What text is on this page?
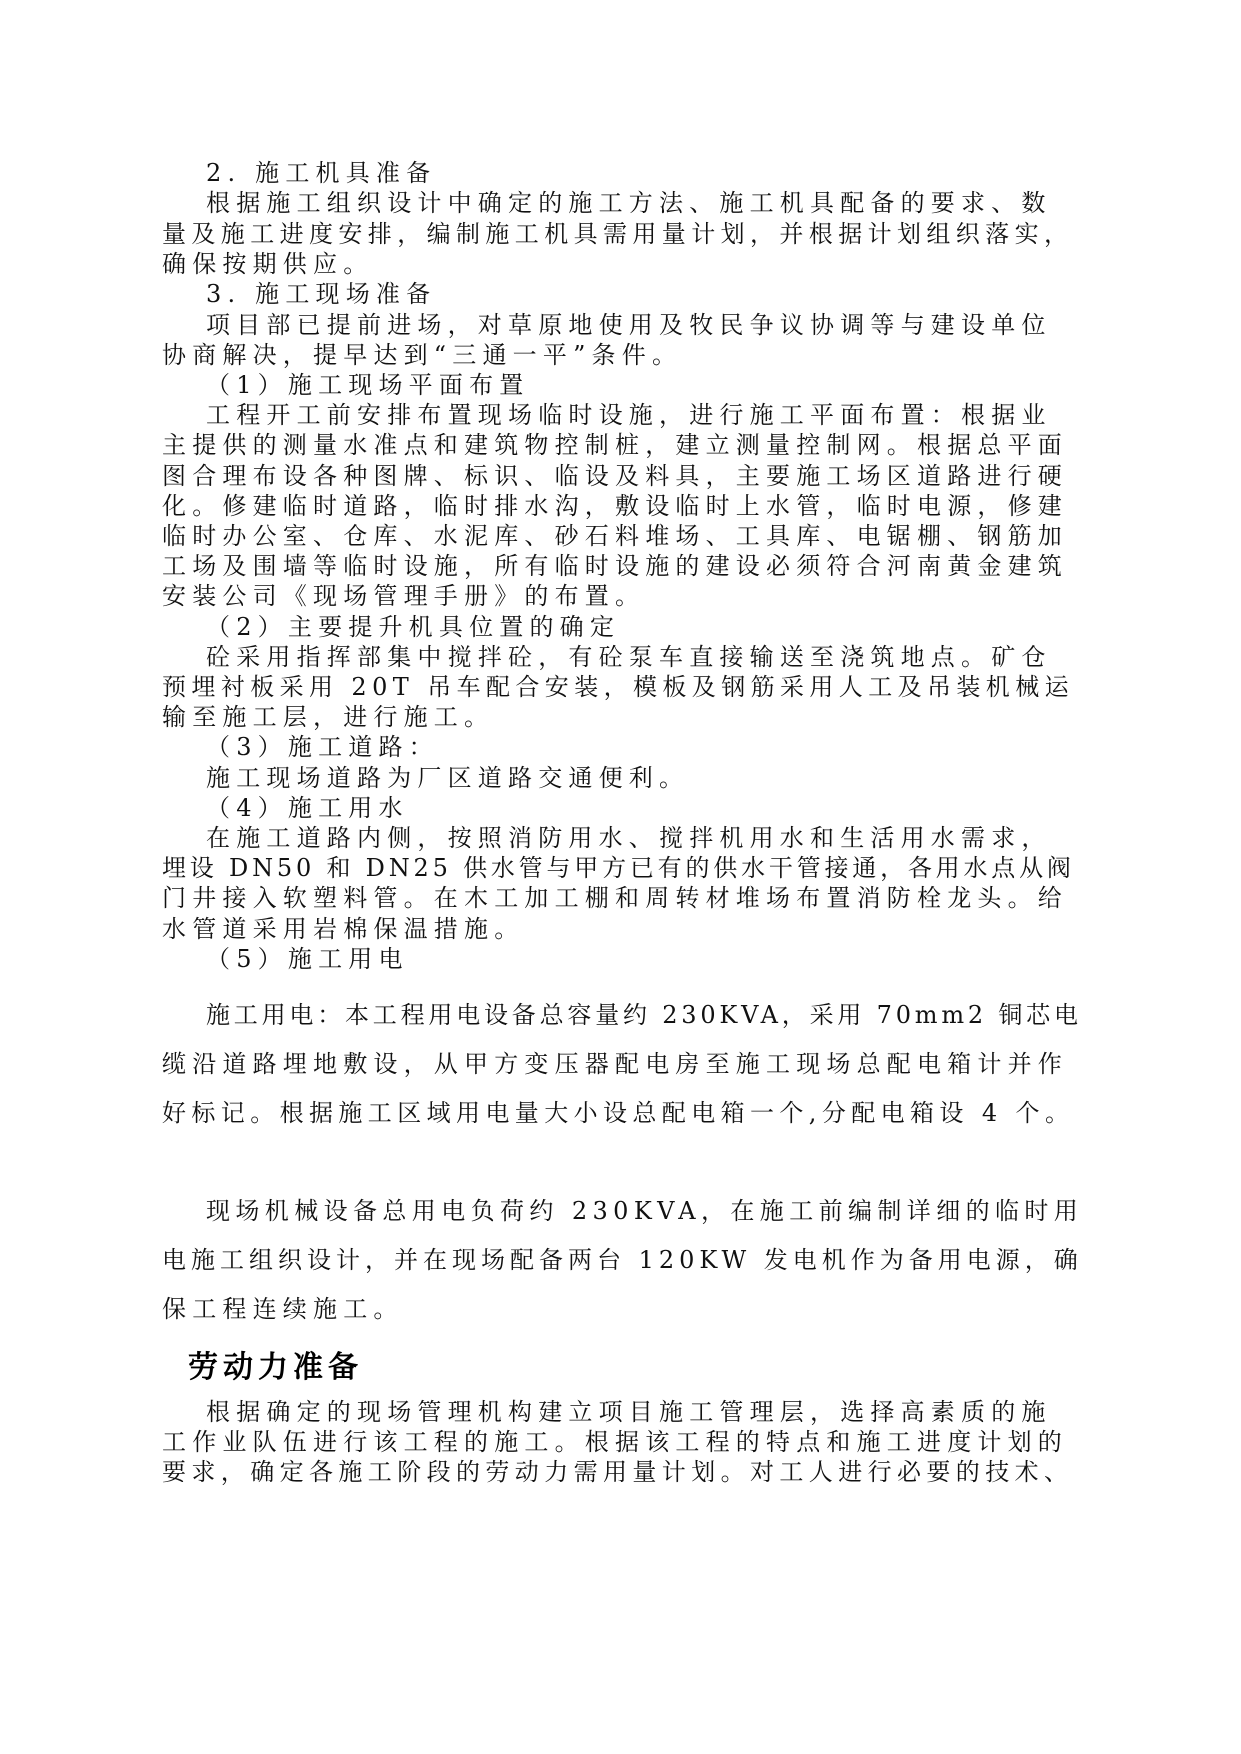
2. 施工机具准备
根据施工组织设计中确定的施工方法、施工机具配备的要求、数
量及施工进度安排，编制施工机具需用量计划，并根据计划组织落实，
确保按期供应。
3. 施工现场准备
项目部已提前进场，对草原地使用及牧民争议协调等与建设单位
协商解决，提早达到“三通一平”条件。
（1）施工现场平面布置
工程开工前安排布置现场临时设施，进行施工平面布置：根据业
主提供的测量水准点和建筑物控制桩，建立测量控制网。根据总平面
图合理布设各种图牌、标识、临设及料具，主要施工场区道路进行硬
化。修建临时道路，临时排水沟，敷设临时上水管，临时电源，修建
临时办公室、仓库、水泥库、砂石料堆场、工具库、电锯棚、钢筋加
工场及围墙等临时设施，所有临时设施的建设必须符合河南黄金建筑
安装公司《现场管理手册》的布置。
（2）主要提升机具位置的确定
砼采用指挥部集中搅拌砼，有砼泵车直接输送至浇筑地点。矿仓
预埋衬板采用 20T 吊车配合安装，模板及钢筋采用人工及吊装机械运
输至施工层，进行施工。
（3）施工道路：
施工现场道路为厂区道路交通便利。
（4）施工用水
在施工道路内侧，按照消防用水、搅拌机用水和生活用水需求，
埋设 DN50 和 DN25 供水管与甲方已有的供水干管接通，各用水点从阀
门井接入软塑料管。在木工加工棚和周转材堆场布置消防栓龙头。给
水管道采用岩棉保温措施。
（5）施工用电
施工用电：本工程用电设备总容量约 230KVA，采用 70mm2 铜芯电
缆沿道路埋地敷设，从甲方变压器配电房至施工现场总配电箱计并作
好标记。根据施工区域用电量大小设总配电箱一个,分配电箱设 4 个。
现场机械设备总用电负荷约 230KVA，在施工前编制详细的临时用
电施工组织设计，并在现场配备两台 120KW 发电机作为备用电源，确
保工程连续施工。
劳动力准备
根据确定的现场管理机构建立项目施工管理层，选择高素质的施
工作业队伍进行该工程的施工。根据该工程的特点和施工进度计划的
要求，确定各施工阶段的劳动力需用量计划。对工人进行必要的技术、
